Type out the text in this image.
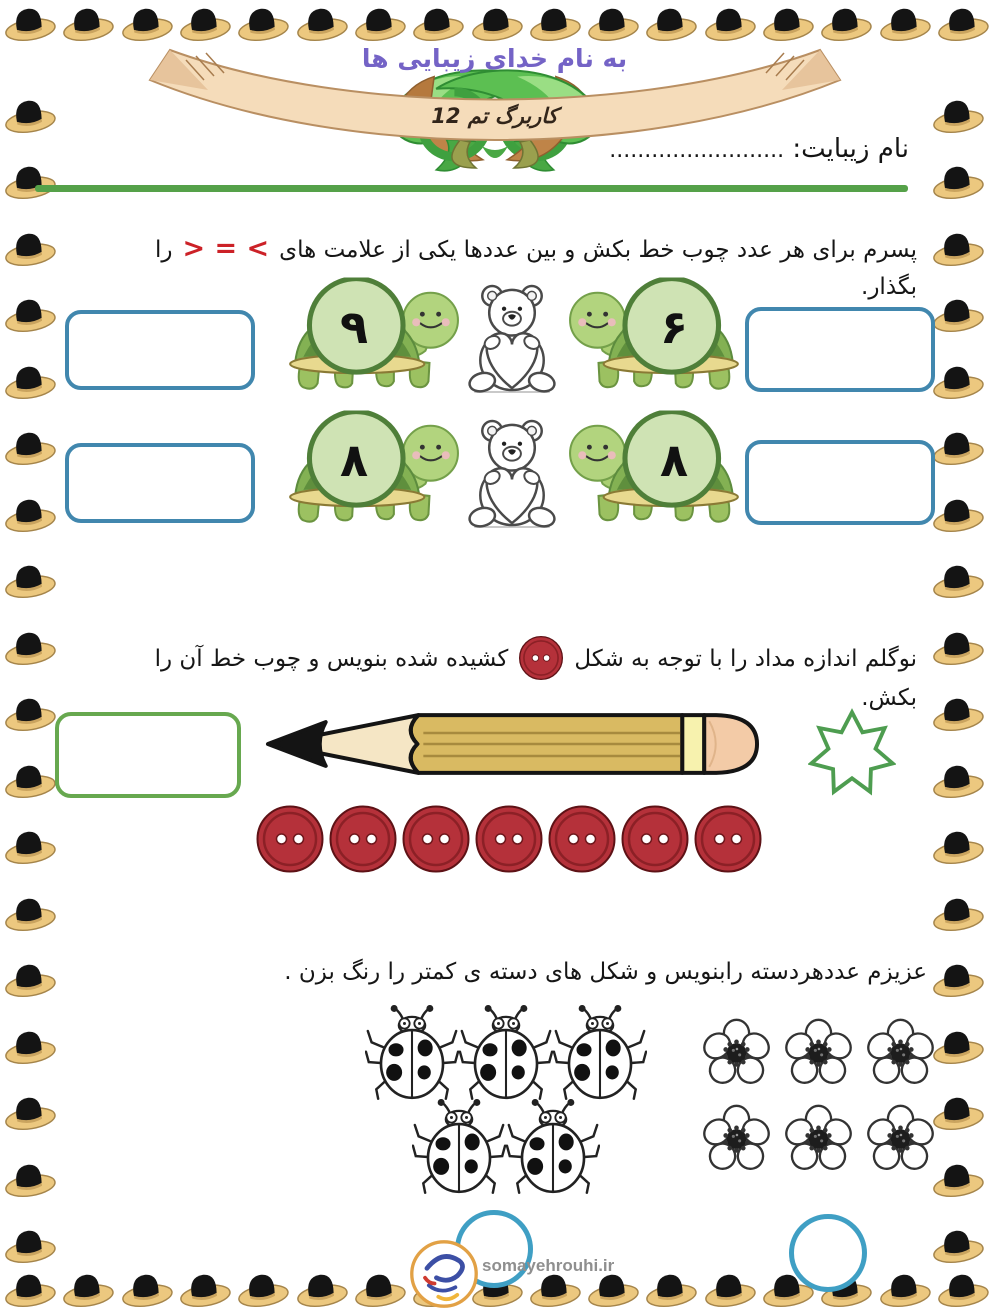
به نام خدای زیبایی ها
کاربرگ تم 12
نام زیبایت: .........................

پسرم برای هر عدد چوب خط بکش و بین عددها یکی از علامت های> = <را بگذار.

۹	۶
۸	۸

نوگلم اندازه مداد را با توجه به شکلکشیده شده بنویس و چوب خط آن را بکش.

عزیزم عددهردسته رابنویس و شکل های دسته ی کمتر را رنگ بزن .

somayehrouhi.ir
